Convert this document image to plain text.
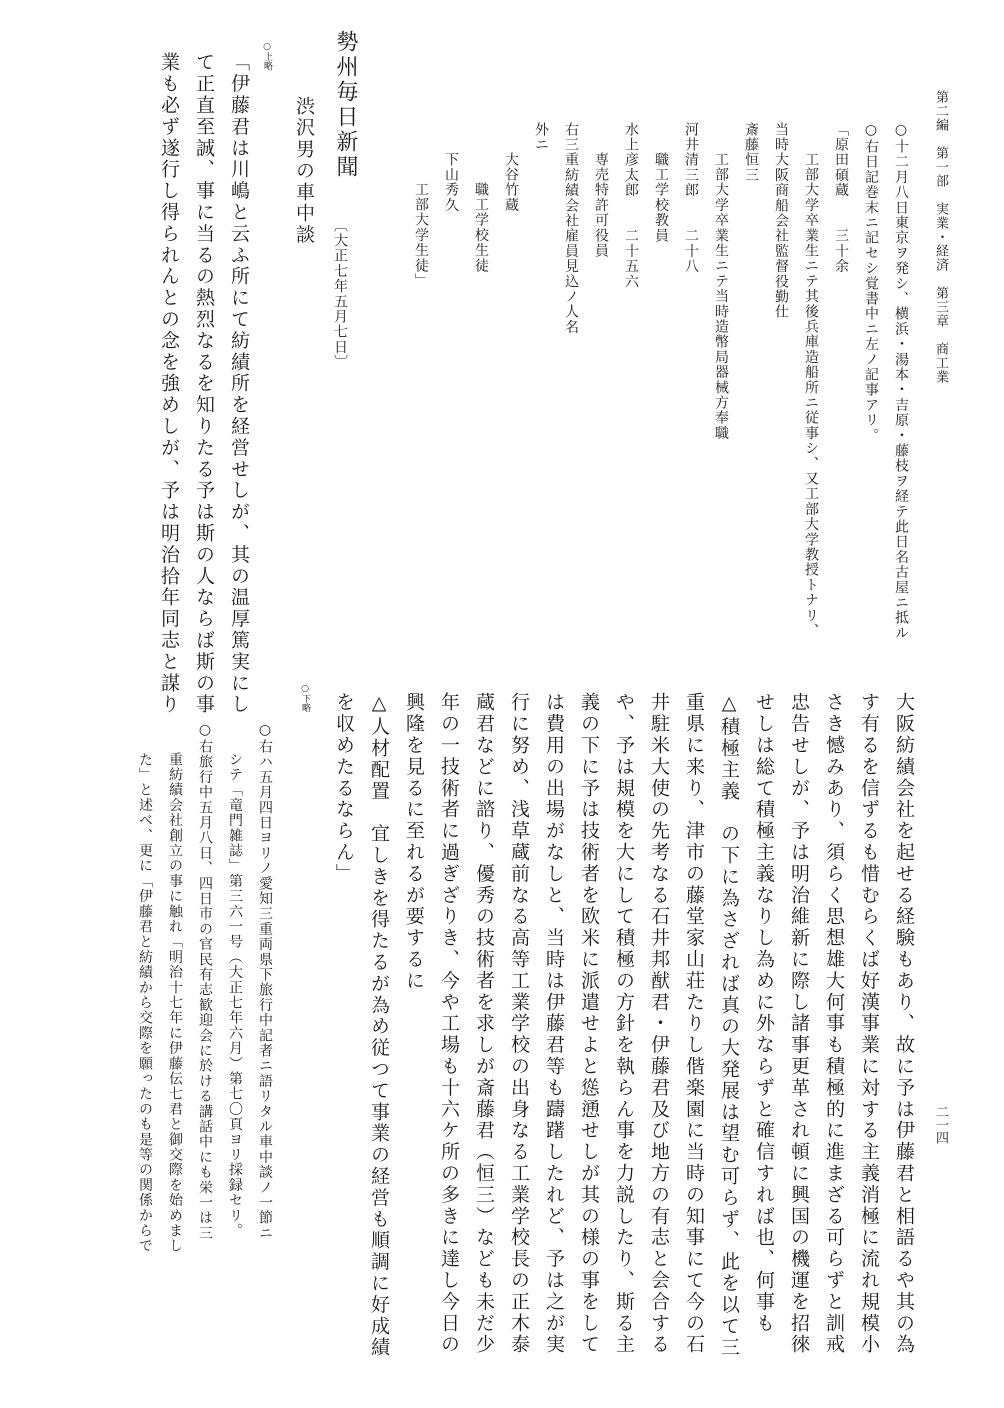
第二編　第一部　実業・経済　第三章　商工業
二一四
○十二月八日東京ヲ発シ、横浜・湯本・吉原・藤枝ヲ経テ此日名古屋ニ抵ル
○右日記巻末ニ記セシ覚書中ニ左ノ記事アリ。
「原田碩蔵　　三十余
工部大学卒業生ニテ其後兵庫造船所ニ従事シ、又工部大学教授トナリ、
当時大阪商船会社監督役勤仕
斎藤恒三
工部大学卒業生ニテ当時造幣局器械方奉職
河井清三郎　　二十八
職工学校教員
水上彦太郎　　二十五六
専売特許可役員
右三重紡績会社雇員見込ノ人名
外ニ
大谷竹蔵
職工学校生徒
下山秀久
工部大学生徒」
勢州毎日新聞
〔大正七年五月七日〕
渋沢男の車中談
○上略
「伊藤君は川嶋と云ふ所にて紡績所を経営せしが、其の温厚篤実にし
て正直至誠、事に当るの熱烈なるを知りたる予は斯の人ならば斯の事
業も必ず遂行し得られんとの念を強めしが、予は明治拾年同志と謀り
大阪紡績会社を起せる経験もあり、故に予は伊藤君と相語るや其の為
す有るを信ずるも惜むらくば好漢事業に対する主義消極に流れ規模小
さき憾みあり、須らく思想雄大何事も積極的に進まざる可らずと訓戒
忠告せしが、予は明治維新に際し諸事更革され頓に興国の機運を招徠
せしは総て積極主義なりし為めに外ならずと確信すれば也、何事も
△積極主義　の下に為さざれば真の大発展は望む可らず、此を以て三
重県に来り、津市の藤堂家山荘たりし偕楽園に当時の知事にて今の石
井駐米大使の先考なる石井邦猷君・伊藤君及び地方の有志と会合する
や、予は規模を大にして積極の方針を執らん事を力説したり、斯る主
義の下に予は技術者を欧米に派遣せよと慫慂せしが其の様の事をして
は費用の出場がなしと、当時は伊藤君等も躊躇したれど、予は之が実
行に努め、浅草蔵前なる高等工業学校の出身なる工業学校長の正木泰
蔵君などに諮り、優秀の技術者を求しが斎藤君（恒三）なども未だ少
年の一技術者に過ぎざりき、今や工場も十六ケ所の多きに達し今日の
興隆を見るに至れるが要するに
△人材配置　宜しきを得たるが為め従つて事業の経営も順調に好成績
を収めたるならん」
○下略
○右ハ五月四日ヨリノ愛知三重両県下旅行中記者ニ語リタル車中談ノ一節ニ
シテ「竜門雑誌」第三六一号（大正七年六月）第七〇頁ヨリ採録セリ。
○右旅行中五月八日、四日市の官民有志歓迎会に於ける講話中にも栄一は三
重紡績会社創立の事に触れ「明治十七年に伊藤伝七君と御交際を始めまし
た」と述べ、更に「伊藤君と紡績から交際を願ったのも是等の関係からで
